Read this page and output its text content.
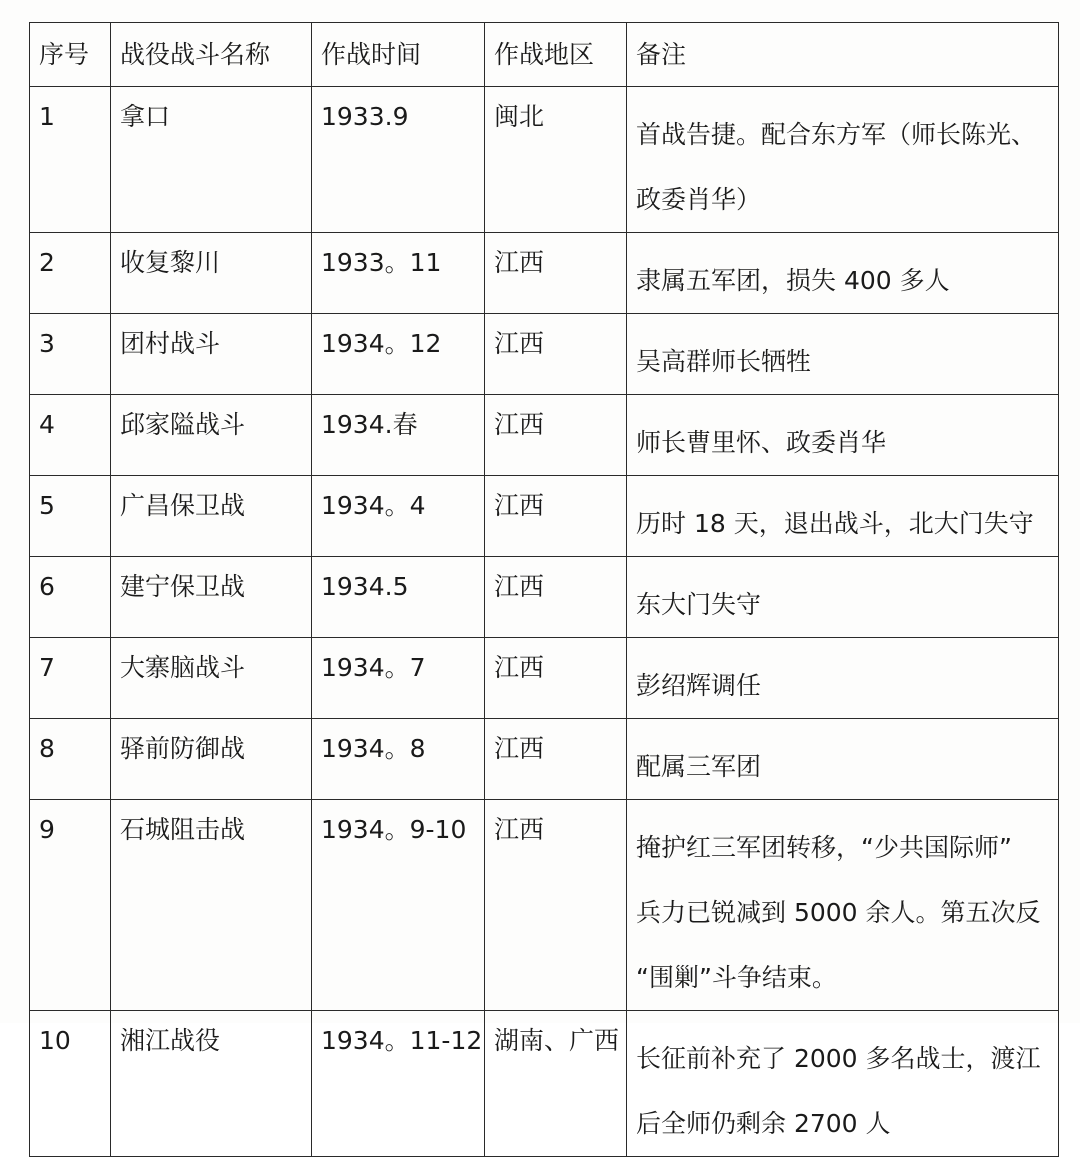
序号	战役战斗名称	作战时间	作战地区	备注
1	拿口	1933.9	闽北	首战告捷。配合东方军（师长陈光、
政委肖华）

2	收复黎川	1933。11	江西	隶属五军团，损失 400 多人

3	团村战斗	1934。12	江西	吴高群师长牺牲

4	邱家隘战斗	1934.春	江西	师长曹里怀、政委肖华

5	广昌保卫战	1934。4	江西	历时 18 天，退出战斗，北大门失守

6	建宁保卫战	1934.5	江西	东大门失守

7	大寨脑战斗	1934。7	江西	彭绍辉调任

8	驿前防御战	1934。8	江西	配属三军团

9	石城阻击战	1934。9-10	江西	掩护红三军团转移，“少共国际师”
兵力已锐减到 5000 余人。第五次反
“围剿”斗争结束。

10	湘江战役	1934。11-12	湖南、广西	长征前补充了 2000 多名战士，渡江
后全师仍剩余 2700 人
